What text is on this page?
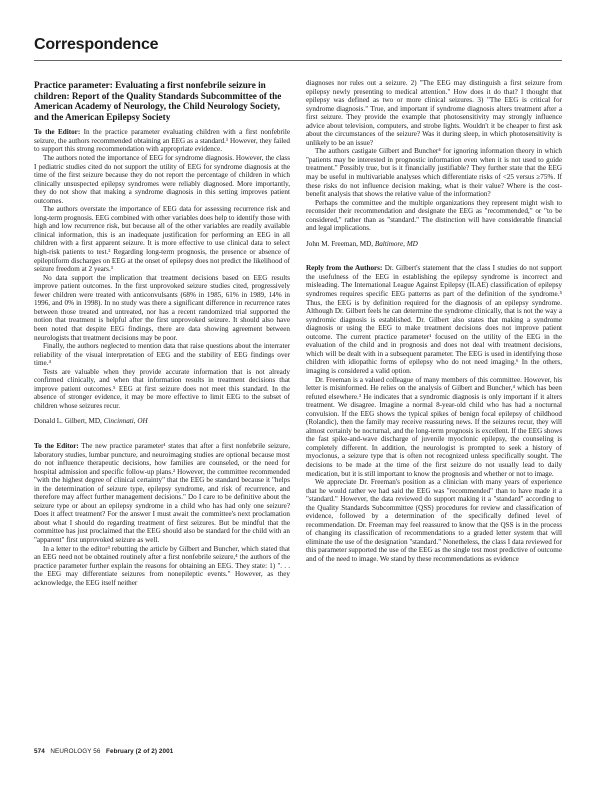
Correspondence
Practice parameter: Evaluating a first nonfebrile seizure in children: Report of the Quality Standards Subcommittee of the American Academy of Neurology, the Child Neurology Society, and the American Epilepsy Society

To the Editor: In the practice parameter evaluating children with a first nonfebrile seizure, the authors recommended obtaining an EEG as a standard.¹ However, they failed to support this strong recommendation with appropriate evidence.

The authors noted the importance of EEG for syndrome diagnosis. However, the class I pediatric studies cited do not support the utility of EEG for syndrome diagnosis at the time of the first seizure because they do not report the percentage of children in which clinically unsuspected epilepsy syndromes were reliably diagnosed. More importantly, they do not show that making a syndrome diagnosis in this setting improves patient outcomes.

The authors overstate the importance of EEG data for assessing recurrence risk and long-term prognosis. EEG combined with other variables does help to identify those with high and low recurrence risk, but because all of the other variables are readily available clinical information, this is an inadequate justification for performing an EEG in all children with a first apparent seizure. It is more effective to use clinical data to select high-risk patients to test.² Regarding long-term prognosis, the presence or absence of epileptiform discharges on EEG at the onset of epilepsy does not predict the likelihood of seizure freedom at 2 years.³

No data support the implication that treatment decisions based on EEG results improve patient outcomes. In the first unprovoked seizure studies cited, progressively fewer children were treated with anticonvulsants (68% in 1985, 61% in 1989, 14% in 1996, and 0% in 1998). In no study was there a significant difference in recurrence rates between those treated and untreated, nor has a recent randomized trial supported the notion that treatment is helpful after the first unprovoked seizure. It should also have been noted that despite EEG findings, there are data showing agreement between neurologists that treatment decisions may be poor.

Finally, the authors neglected to mention data that raise questions about the interrater reliability of the visual interpretation of EEG and the stability of EEG findings over time.⁴

Tests are valuable when they provide accurate information that is not already confirmed clinically, and when that information results in treatment decisions that improve patient outcomes.⁵ EEG at first seizure does not meet this standard. In the absence of stronger evidence, it may be more effective to limit EEG to the subset of children whose seizures recur.

Donald L. Gilbert, MD, Cincinnati, OH

To the Editor: The new practice parameter¹ states that after a first nonfebrile seizure, laboratory studies, lumbar puncture, and neuroimaging studies are optional because most do not influence therapeutic decisions, how families are counseled, or the need for hospital admission and specific follow-up plans.² However, the committee recommended "with the highest degree of clinical certainty" that the EEG be standard because it "helps in the determination of seizure type, epilepsy syndrome, and risk of recurrence, and therefore may affect further management decisions." Do I care to be definitive about the seizure type or about an epilepsy syndrome in a child who has had only one seizure? Does it affect treatment? For the answer I must await the committee's next proclamation about what I should do regarding treatment of first seizures. But be mindful that the committee has just proclaimed that the EEG should also be standard for the child with an "apparent" first unprovoked seizure as well.

In a letter to the editor³ rebutting the article by Gilbert and Buncher, which stated that an EEG need not be obtained routinely after a first nonfebrile seizure,⁴ the authors of the practice parameter further explain the reasons for obtaining an EEG. They state: 1) ". . . the EEG may differentiate seizures from nonepileptic events." However, as they acknowledge, the EEG itself neither

diagnoses nor rules out a seizure. 2) "The EEG may distinguish a first seizure from epilepsy newly presenting to medical attention." How does it do that? I thought that epilepsy was defined as two or more clinical seizures. 3) "The EEG is critical for syndrome diagnosis." True, and important if syndrome diagnosis alters treatment after a first seizure. They provide the example that photosensitivity may strongly influence advice about television, computers, and strobe lights. Wouldn't it be cheaper to first ask about the circumstances of the seizure? Was it during sleep, in which photosensitivity is unlikely to be an issue?

The authors castigate Gilbert and Buncher⁴ for ignoring information theory in which "patients may be interested in prognostic information even when it is not used to guide treatment." Possibly true, but is it financially justifiable? They further state that the EEG may be useful in multivariable analyses which differentiate risks of <25 versus ≥75%. If these risks do not influence decision making, what is their value? Where is the cost-benefit analysis that shows the relative value of the information?

Perhaps the committee and the multiple organizations they represent might wish to reconsider their recommendation and designate the EEG as "recommended," or "to be considered," rather than as "standard." The distinction will have considerable financial and legal implications.

John M. Freeman, MD, Baltimore, MD

Reply from the Authors: Dr. Gilbert's statement that the class I studies do not support the usefulness of the EEG in establishing the epilepsy syndrome is incorrect and misleading. The International League Against Epilepsy (ILAE) classification of epilepsy syndromes requires specific EEG patterns as part of the definition of the syndrome.⁵ Thus, the EEG is by definition required for the diagnosis of an epilepsy syndrome. Although Dr. Gilbert feels he can determine the syndrome clinically, that is not the way a syndromic diagnosis is established. Dr. Gilbert also states that making a syndrome diagnosis or using the EEG to make treatment decisions does not improve patient outcome. The current practice parameter¹ focused on the utility of the EEG in the evaluation of the child and in prognosis and does not deal with treatment decisions, which will be dealt with in a subsequent parameter. The EEG is used in identifying those children with idiopathic forms of epilepsy who do not need imaging.⁶ In the others, imaging is considered a valid option.

Dr. Freeman is a valued colleague of many members of this committee. However, his letter is misinformed. He relies on the analysis of Gilbert and Buncher,⁴ which has been refuted elsewhere.³ He indicates that a syndromic diagnosis is only important if it alters treatment. We disagree. Imagine a normal 8-year-old child who has had a nocturnal convulsion. If the EEG shows the typical spikes of benign focal epilepsy of childhood (Rolandic), then the family may receive reassuring news. If the seizures recur, they will almost certainly be nocturnal, and the long-term prognosis is excellent. If the EEG shows the fast spike-and-wave discharge of juvenile myoclonic epilepsy, the counseling is completely different. In addition, the neurologist is prompted to seek a history of myoclonus, a seizure type that is often not recognized unless specifically sought. The decisions to be made at the time of the first seizure do not usually lead to daily medication, but it is still important to know the prognosis and whether or not to image.

We appreciate Dr. Freeman's position as a clinician with many years of experience that he would rather we had said the EEG was "recommended" than to have made it a "standard." However, the data reviewed do support making it a "standard" according to the Quality Standards Subcommittee (QSS) procedures for review and classification of evidence, followed by a determination of the specifically defined level of recommendation. Dr. Freeman may feel reassured to know that the QSS is in the process of changing its classification of recommendations to a graded letter system that will eliminate the use of the designation "standard." Nonetheless, the class I data reviewed for this parameter supported the use of the EEG as the single test most predictive of outcome and of the need to image. We stand by these recommendations as evidence

574 NEUROLOGY 56 February (2 of 2) 2001
